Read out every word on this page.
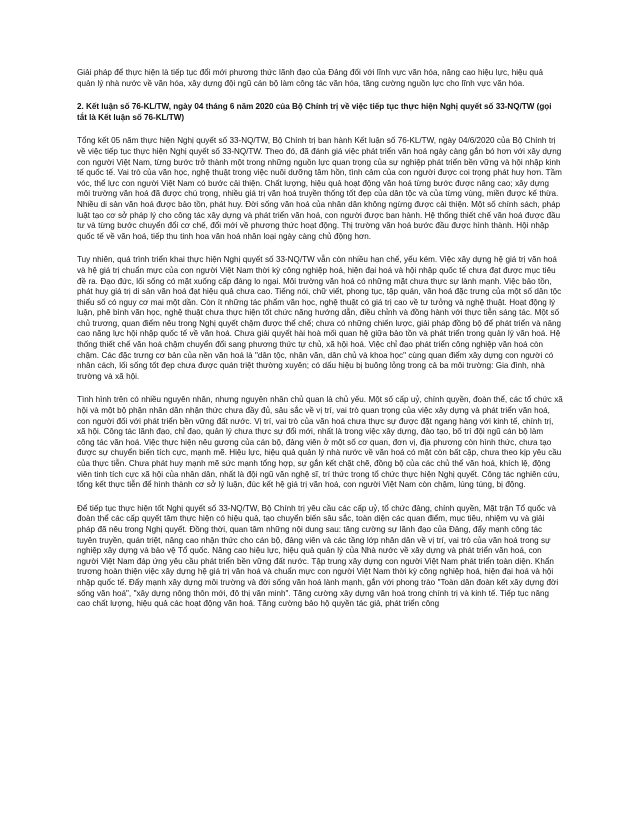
Giải pháp để thực hiện là tiếp tục đổi mới phương thức lãnh đạo của Đảng đối với lĩnh vực văn hóa, nâng cao hiệu lực, hiệu quả quản lý nhà nước về văn hóa, xây dựng đội ngũ cán bộ làm công tác văn hóa, tăng cường nguồn lực cho lĩnh vực văn hóa.

2. Kết luận số 76-KL/TW, ngày 04 tháng 6 năm 2020 của Bộ Chính trị về việc tiếp tục thực hiện Nghị quyết số 33-NQ/TW (gọi tắt là Kết luận số 76-KL/TW)

Tổng kết 05 năm thực hiện Nghị quyết số 33-NQ/TW, Bộ Chính trị ban hành Kết luận số 76-KL/TW, ngày 04/6/2020 của Bộ Chính trị về việc tiếp tục thực hiện Nghị quyết số 33-NQ/TW. Theo đó, đã đánh giá việc phát triển văn hoá ngày càng gắn bó hơn với xây dựng con người Việt Nam, từng bước trở thành một trong những nguồn lực quan trọng của sự nghiệp phát triển bền vững và hội nhập kinh tế quốc tế. Vai trò của văn học, nghệ thuật trong việc nuôi dưỡng tâm hồn, tình cảm của con người được coi trọng phát huy hơn. Tầm vóc, thể lực con người Việt Nam có bước cải thiện. Chất lượng, hiệu quả hoạt động văn hoá từng bước được nâng cao; xây dựng môi trường văn hoá đã được chú trọng, nhiều giá trị văn hoá truyền thống tốt đẹp của dân tộc và của từng vùng, miền được kế thừa. Nhiều di sản văn hoá được bảo tồn, phát huy. Đời sống văn hoá của nhân dân không ngừng được cải thiện. Một số chính sách, pháp luật tạo cơ sở pháp lý cho công tác xây dựng và phát triển văn hoá, con người được ban hành. Hệ thống thiết chế văn hoá được đầu tư và từng bước chuyển đổi cơ chế, đổi mới về phương thức hoạt động. Thị trường văn hoá bước đầu được hình thành. Hội nhập quốc tế về văn hoá, tiếp thu tinh hoa văn hoá nhân loại ngày càng chủ động hơn.

Tuy nhiên, quá trình triển khai thực hiện Nghị quyết số 33-NQ/TW vẫn còn nhiều hạn chế, yếu kém. Việc xây dựng hệ giá trị văn hoá và hệ giá trị chuẩn mực của con người Việt Nam thời kỳ công nghiệp hoá, hiện đại hoá và hội nhập quốc tế chưa đạt được mục tiêu đề ra. Đạo đức, lối sống có mặt xuống cấp đáng lo ngại. Môi trường văn hoá có những mặt chưa thực sự lành mạnh. Việc bảo tồn, phát huy giá trị di sản văn hoá đạt hiệu quả chưa cao. Tiếng nói, chữ viết, phong tục, tập quán, văn hoá đặc trưng của một số dân tộc thiểu số có nguy cơ mai một dần. Còn ít những tác phẩm văn học, nghệ thuật có giá trị cao về tư tưởng và nghệ thuật. Hoạt động lý luận, phê bình văn học, nghệ thuật chưa thực hiện tốt chức năng hướng dẫn, điều chỉnh và đồng hành với thực tiễn sáng tác. Một số chủ trương, quan điểm nêu trong Nghị quyết chậm được thể chế; chưa có những chiến lược, giải pháp đồng bộ để phát triển và nâng cao năng lực hội nhập quốc tế về văn hoá. Chưa giải quyết hài hoà mối quan hệ giữa bảo tồn và phát triển trong quản lý văn hoá. Hệ thống thiết chế văn hoá chậm chuyển đổi sang phương thức tự chủ, xã hội hoá. Việc chỉ đạo phát triển công nghiệp văn hoá còn chậm. Các đặc trưng cơ bản của nền văn hoá là "dân tộc, nhân văn, dân chủ và khoa học" cùng quan điểm xây dựng con người có nhân cách, lối sống tốt đẹp chưa được quán triệt thường xuyên; có dấu hiệu bị buông lỏng trong cả ba môi trường: Gia đình, nhà trường và xã hội.

Tình hình trên có nhiều nguyên nhân, nhưng nguyên nhân chủ quan là chủ yếu. Một số cấp uỷ, chính quyền, đoàn thể, các tổ chức xã hội và một bộ phận nhân dân nhận thức chưa đầy đủ, sâu sắc về vị trí, vai trò quan trọng của việc xây dựng và phát triển văn hoá, con người đối với phát triển bền vững đất nước. Vị trí, vai trò của văn hoá chưa thực sự được đặt ngang hàng với kinh tế, chính trị, xã hội. Công tác lãnh đạo, chỉ đạo, quản lý chưa thực sự đổi mới, nhất là trong việc xây dựng, đào tạo, bố trí đội ngũ cán bộ làm công tác văn hoá. Việc thực hiện nêu gương của cán bộ, đảng viên ở một số cơ quan, đơn vị, địa phương còn hình thức, chưa tạo được sự chuyển biến tích cực, mạnh mẽ. Hiệu lực, hiệu quả quản lý nhà nước về văn hoá có mặt còn bất cập, chưa theo kịp yêu cầu của thực tiễn. Chưa phát huy mạnh mẽ sức mạnh tổng hợp, sự gắn kết chặt chẽ, đồng bộ của các chủ thể văn hoá, khích lệ, động viên tinh tích cực xã hội của nhân dân, nhất là đội ngũ văn nghệ sĩ, trí thức trong tổ chức thực hiện Nghị quyết. Công tác nghiên cứu, tổng kết thực tiễn để hình thành cơ sở lý luận, đúc kết hệ giá trị văn hoá, con người Việt Nam còn chậm, lúng túng, bị động.

Để tiếp tục thực hiện tốt Nghị quyết số 33-NQ/TW, Bộ Chính trị yêu cầu các cấp uỷ, tổ chức đảng, chính quyền, Mặt trận Tổ quốc và đoàn thể các cấp quyết tâm thực hiện có hiệu quả, tạo chuyển biến sâu sắc, toàn diện các quan điểm, mục tiêu, nhiệm vụ và giải pháp đã nêu trong Nghị quyết. Đồng thời, quan tâm những nội dung sau: tăng cường sự lãnh đạo của Đảng, đẩy mạnh công tác tuyên truyền, quán triệt, nâng cao nhận thức cho cán bộ, đảng viên và các tầng lớp nhân dân về vị trí, vai trò của văn hoá trong sự nghiệp xây dựng và bảo vệ Tổ quốc. Nâng cao hiệu lực, hiệu quả quản lý của Nhà nước về xây dựng và phát triển văn hoá, con người Việt Nam đáp ứng yêu cầu phát triển bền vững đất nước. Tập trung xây dựng con người Việt Nam phát triển toàn diện. Khẩn trương hoàn thiện việc xây dựng hệ giá trị văn hoá và chuẩn mực con người Việt Nam thời kỳ công nghiệp hoá, hiện đại hoá và hội nhập quốc tế. Đẩy mạnh xây dựng môi trường và đời sống văn hoá lành mạnh, gắn với phong trào "Toàn dân đoàn kết xây dựng đời sống văn hoá", "xây dựng nông thôn mới, đô thị văn minh". Tăng cường xây dựng văn hoá trong chính trị và kinh tế. Tiếp tục nâng cao chất lượng, hiệu quả các hoạt động văn hoá. Tăng cường bảo hộ quyền tác giả, phát triển công
